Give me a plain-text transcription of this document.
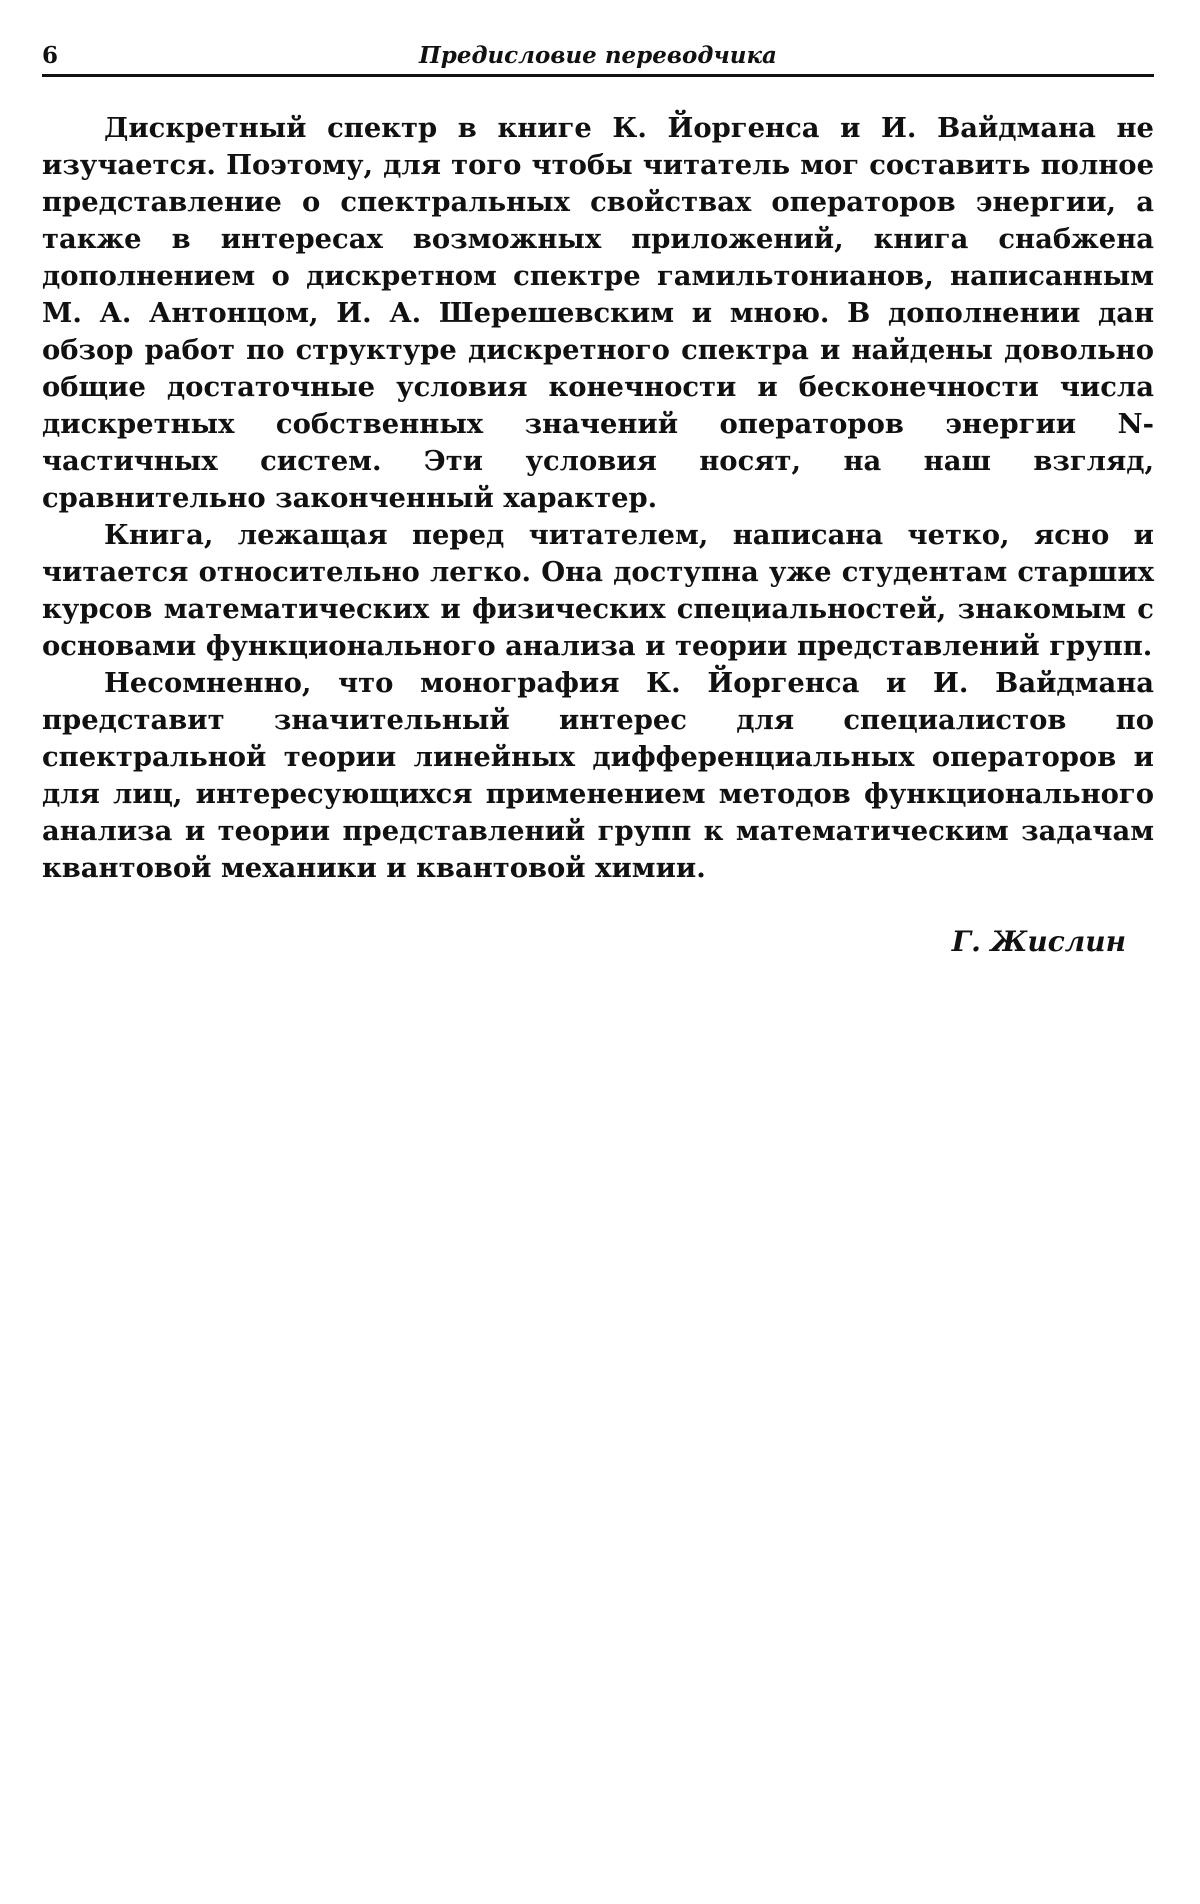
6	Предисловие переводчика

Дискретный спектр в книге К. Йоргенса и И. Вайдмана не изучается. Поэтому, для того чтобы читатель мог составить полное представление о спектральных свойствах операторов энергии, а также в интересах возможных приложений, книга снабжена дополнением о дискретном спектре гамильтонианов, написанным М. А. Антонцом, И. А. Шерешевским и мною. В дополнении дан обзор работ по структуре дискретного спектра и найдены довольно общие достаточные условия конечности и бесконечности числа дискретных собственных значений операторов энергии N-частичных систем. Эти условия носят, на наш взгляд, сравнительно законченный характер.

Книга, лежащая перед читателем, написана четко, ясно и читается относительно легко. Она доступна уже студентам старших курсов математических и физических специальностей, знакомым с основами функционального анализа и теории представлений групп.

Несомненно, что монография К. Йоргенса и И. Вайдмана представит значительный интерес для специалистов по спектральной теории линейных дифференциальных операторов и для лиц, интересующихся применением методов функционального анализа и теории представлений групп к математическим задачам квантовой механики и квантовой химии.

Г. Жислин
